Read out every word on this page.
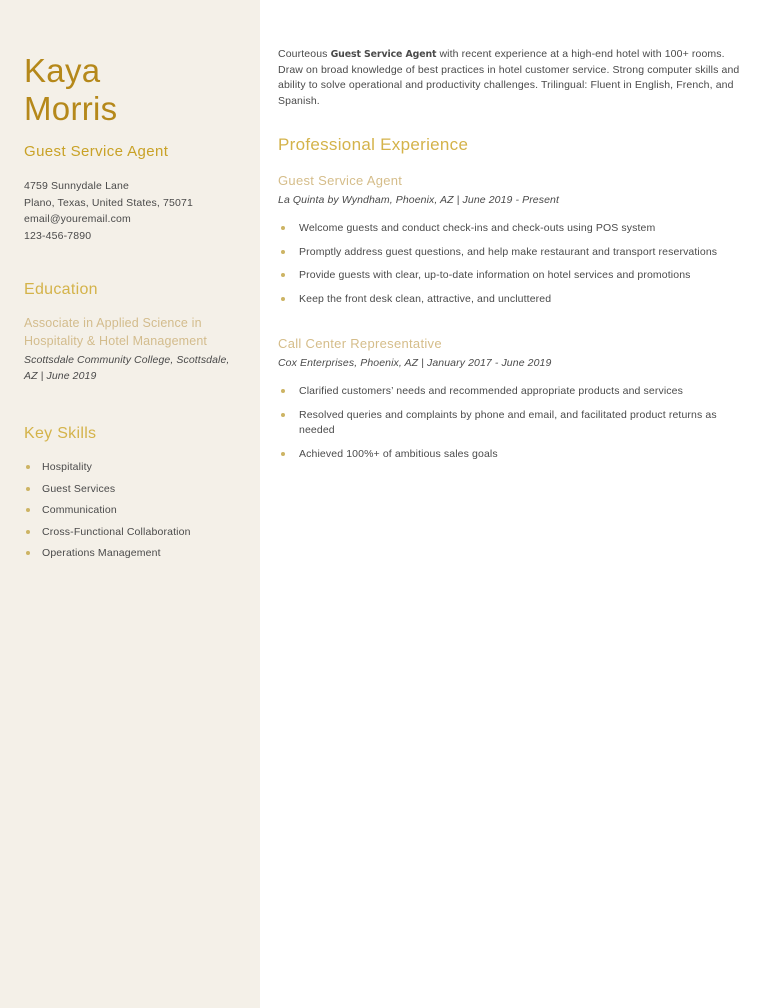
Kaya
Morris
Guest Service Agent
4759 Sunnydale Lane
Plano, Texas, United States, 75071
email@youremail.com
123-456-7890
Education
Associate in Applied Science in Hospitality & Hotel Management
Scottsdale Community College, Scottsdale, AZ | June 2019
Key Skills
Hospitality
Guest Services
Communication
Cross-Functional Collaboration
Operations Management

Courteous Guest Service Agent with recent experience at a high-end hotel with 100+ rooms. Draw on broad knowledge of best practices in hotel customer service. Strong computer skills and ability to solve operational and productivity challenges. Trilingual: Fluent in English, French, and Spanish.

Professional Experience
Guest Service Agent
La Quinta by Wyndham, Phoenix, AZ | June 2019 - Present
Welcome guests and conduct check-ins and check-outs using POS system
Promptly address guest questions, and help make restaurant and transport reservations
Provide guests with clear, up-to-date information on hotel services and promotions
Keep the front desk clean, attractive, and uncluttered
Call Center Representative
Cox Enterprises, Phoenix, AZ | January 2017 - June 2019
Clarified customers’ needs and recommended appropriate products and services
Resolved queries and complaints by phone and email, and facilitated product returns as needed
Achieved 100%+ of ambitious sales goals
